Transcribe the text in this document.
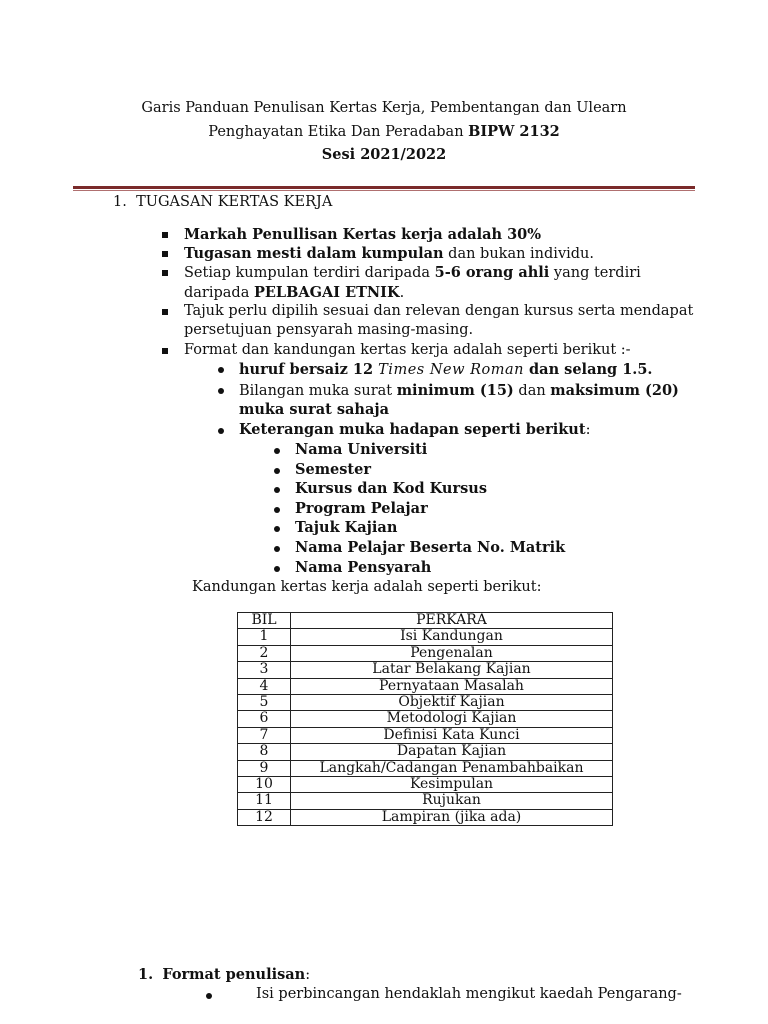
Garis Panduan Penulisan Kertas Kerja, Pembentangan dan Ulearn
Penghayatan Etika Dan Peradaban BIPW 2132
Sesi 2021/2022
1. TUGASAN KERTAS KERJA
Markah Penullisan Kertas kerja adalah 30%
Tugasan mesti dalam kumpulan dan bukan individu.
Setiap kumpulan terdiri daripada 5-6 orang ahli yang terdiri
daripada PELBAGAI ETNIK.
Tajuk perlu dipilih sesuai dan relevan dengan kursus serta mendapat
persetujuan pensyarah masing-masing.
Format dan kandungan kertas kerja adalah seperti berikut :-
huruf bersaiz 12 Times New Roman dan selang 1.5.
Bilangan muka surat minimum (15) dan maksimum (20)
muka surat sahaja
Keterangan muka hadapan seperti berikut:
Nama Universiti
Semester
Kursus dan Kod Kursus
Program Pelajar
Tajuk Kajian
Nama Pelajar Beserta No. Matrik
Nama Pensyarah
Kandungan kertas kerja adalah seperti berikut:
BIL	PERKARA
1	Isi Kandungan
2	Pengenalan
3	Latar Belakang Kajian
4	Pernyataan Masalah
5	Objektif Kajian
6	Metodologi Kajian
7	Definisi Kata Kunci
8	Dapatan Kajian
9	Langkah/Cadangan Penambahbaikan
10	Kesimpulan
11	Rujukan
12	Lampiran (jika ada)
1. Format penulisan:
Isi perbincangan hendaklah mengikut kaedah Pengarang-
